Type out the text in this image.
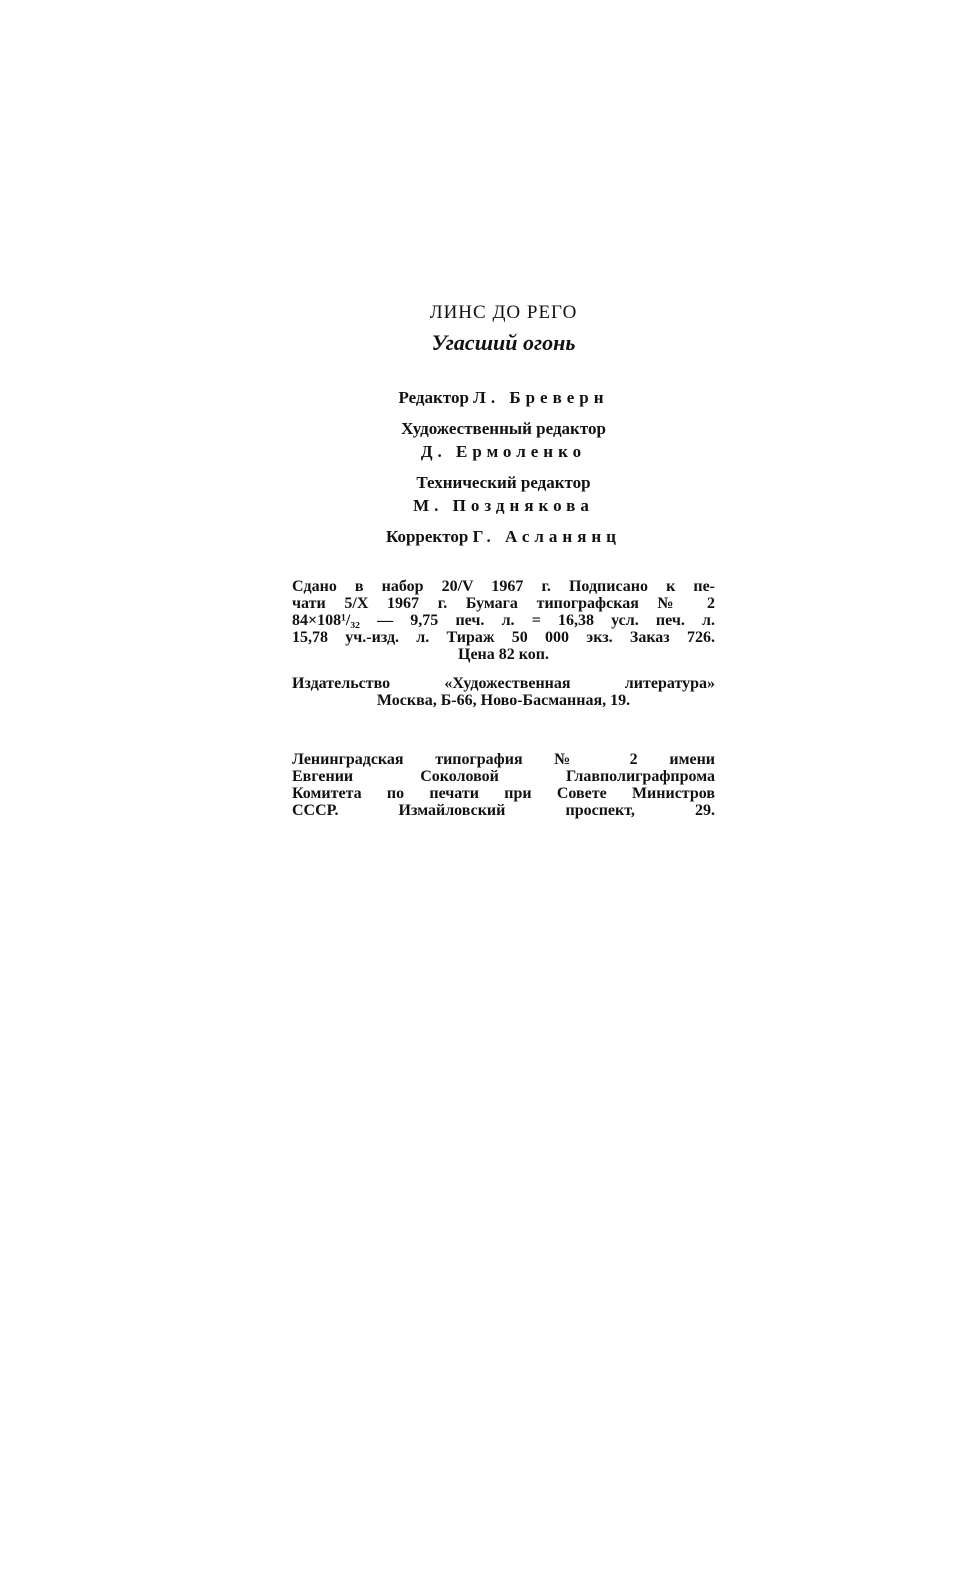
ЛИНС ДО РЕГО
Угасший огонь
Редактор Л. Бреверн
Художественный редактор
Д. Ермоленко
Технический редактор
М. Позднякова
Корректор Г. Асланянц
Сдано в набор 20/V 1967 г. Подписано к пе-
чати 5/Х 1967 г. Бумага типографская № 2
84×108¹/₃₂ — 9,75 печ. л. = 16,38 усл. печ. л.
15,78 уч.-изд. л. Тираж 50 000 экз. Заказ 726.
Цена 82 коп.
Издательство «Художественная литература»
Москва, Б-66, Ново-Басманная, 19.
Ленинградская типография № 2 имени
Евгении Соколовой Главполиграфпрома
Комитета по печати при Совете Министров
СССР. Измайловский проспект, 29.
